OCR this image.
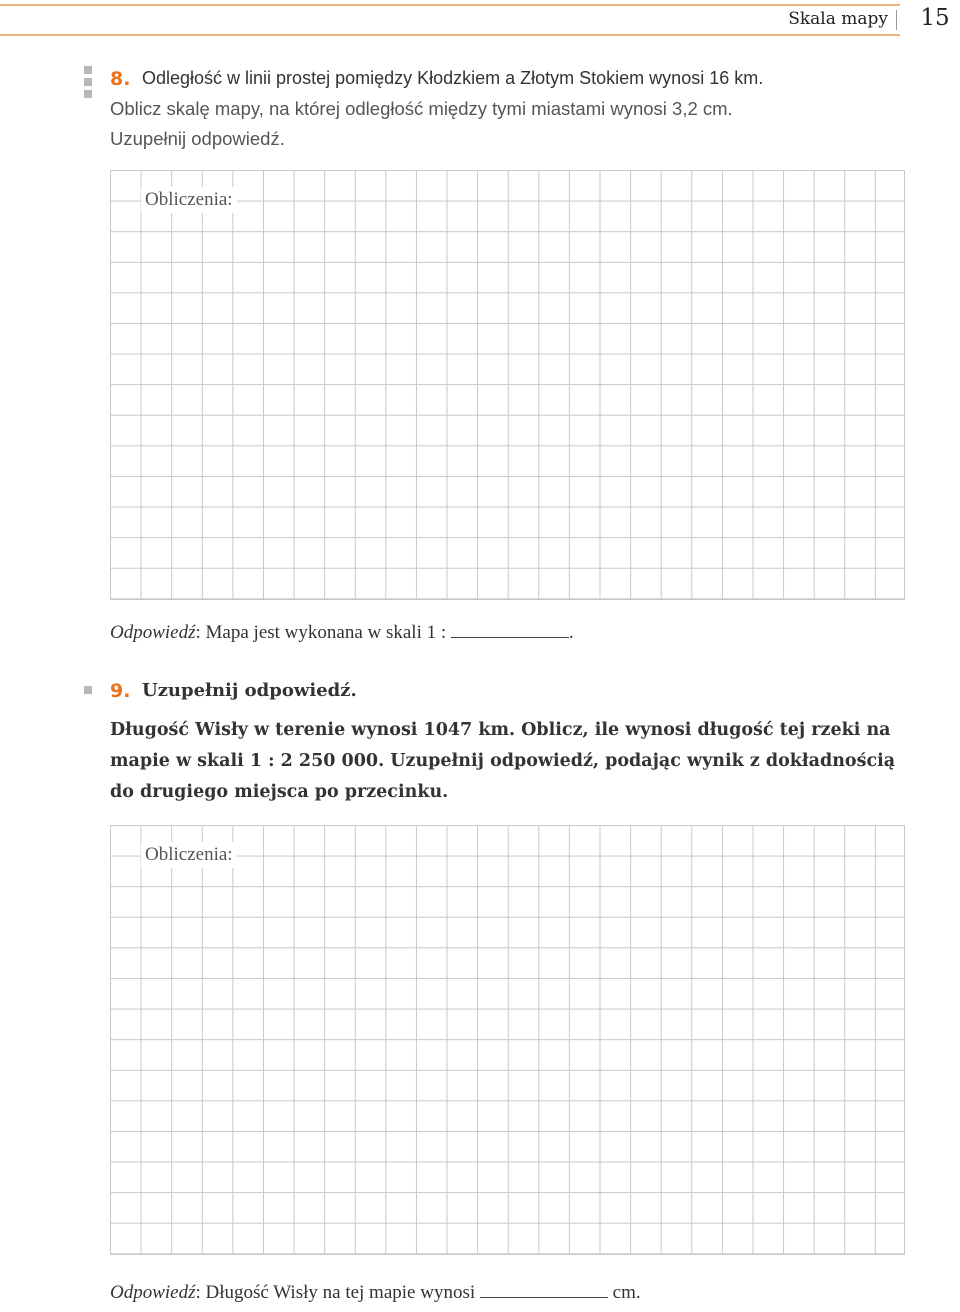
Skala mapy	15
8. Odległość w linii prostej pomiędzy Kłodzkiem a Złotym Stokiem wynosi 16 km.
Oblicz skalę mapy, na której odległość między tymi miastami wynosi 3,2 cm.
Uzupełnij odpowiedź.
Obliczenia:
Odpowiedź: Mapa jest wykonana w skali 1 :	.
9. Uzupełnij odpowiedź.
Długość Wisły w terenie wynosi 1047 km. Oblicz, ile wynosi długość tej rzeki na
mapie w skali 1 : 2 250 000. Uzupełnij odpowiedź, podając wynik z dokładnością
do drugiego miejsca po przecinku.
Obliczenia:
Odpowiedź: Długość Wisły na tej mapie wynosi	cm.
